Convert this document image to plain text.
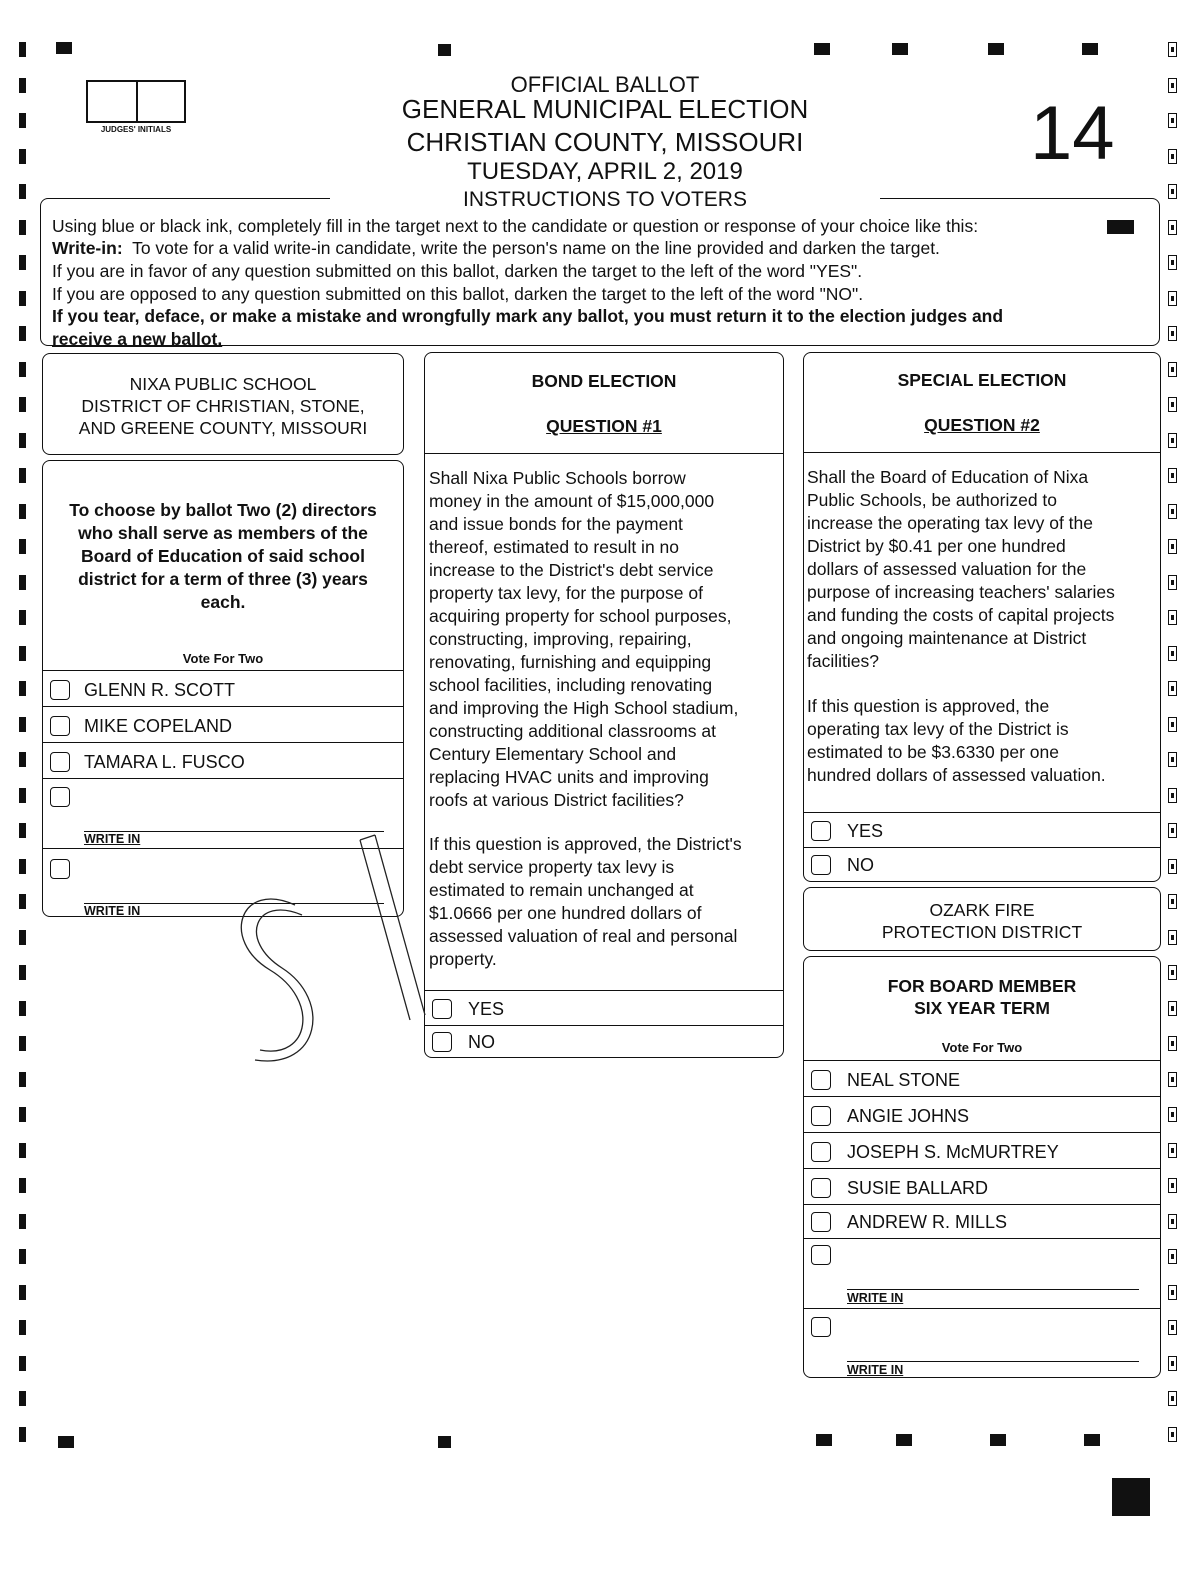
JUDGES' INITIALS
OFFICIAL BALLOT
GENERAL MUNICIPAL ELECTION
CHRISTIAN COUNTY, MISSOURI
TUESDAY, APRIL 2, 2019	14
INSTRUCTIONS TO VOTERS
Using blue or black ink, completely fill in the target next to the candidate or question or response of your choice like this:
Write-in: To vote for a valid write-in candidate, write the person's name on the line provided and darken the target.
If you are in favor of any question submitted on this ballot, darken the target to the left of the word "YES".
If you are opposed to any question submitted on this ballot, darken the target to the left of the word "NO".
If you tear, deface, or make a mistake and wrongfully mark any ballot, you must return it to the election judges and
receive a new ballot.
NIXA PUBLIC SCHOOL
DISTRICT OF CHRISTIAN, STONE,
AND GREENE COUNTY, MISSOURI
To choose by ballot Two (2) directors
who shall serve as members of the
Board of Education of said school
district for a term of three (3) years
each.
Vote For Two
GLENN R. SCOTT
MIKE COPELAND
TAMARA L. FUSCO
WRITE IN
WRITE IN
BOND ELECTION
QUESTION #1
Shall Nixa Public Schools borrow
money in the amount of $15,000,000
and issue bonds for the payment
thereof, estimated to result in no
increase to the District's debt service
property tax levy, for the purpose of
acquiring property for school purposes,
constructing, improving, repairing,
renovating, furnishing and equipping
school facilities, including renovating
and improving the High School stadium,
constructing additional classrooms at
Century Elementary School and
replacing HVAC units and improving
roofs at various District facilities?
If this question is approved, the District's
debt service property tax levy is
estimated to remain unchanged at
$1.0666 per one hundred dollars of
assessed valuation of real and personal
property.
YES
NO
SPECIAL ELECTION
QUESTION #2
Shall the Board of Education of Nixa
Public Schools, be authorized to
increase the operating tax levy of the
District by $0.41 per one hundred
dollars of assessed valuation for the
purpose of increasing teachers' salaries
and funding the costs of capital projects
and ongoing maintenance at District
facilities?
If this question is approved, the
operating tax levy of the District is
estimated to be $3.6330 per one
hundred dollars of assessed valuation.
YES
NO
OZARK FIRE
PROTECTION DISTRICT
FOR BOARD MEMBER
SIX YEAR TERM
Vote For Two
NEAL STONE
ANGIE JOHNS
JOSEPH S. McMURTREY
SUSIE BALLARD
ANDREW R. MILLS
WRITE IN
WRITE IN
